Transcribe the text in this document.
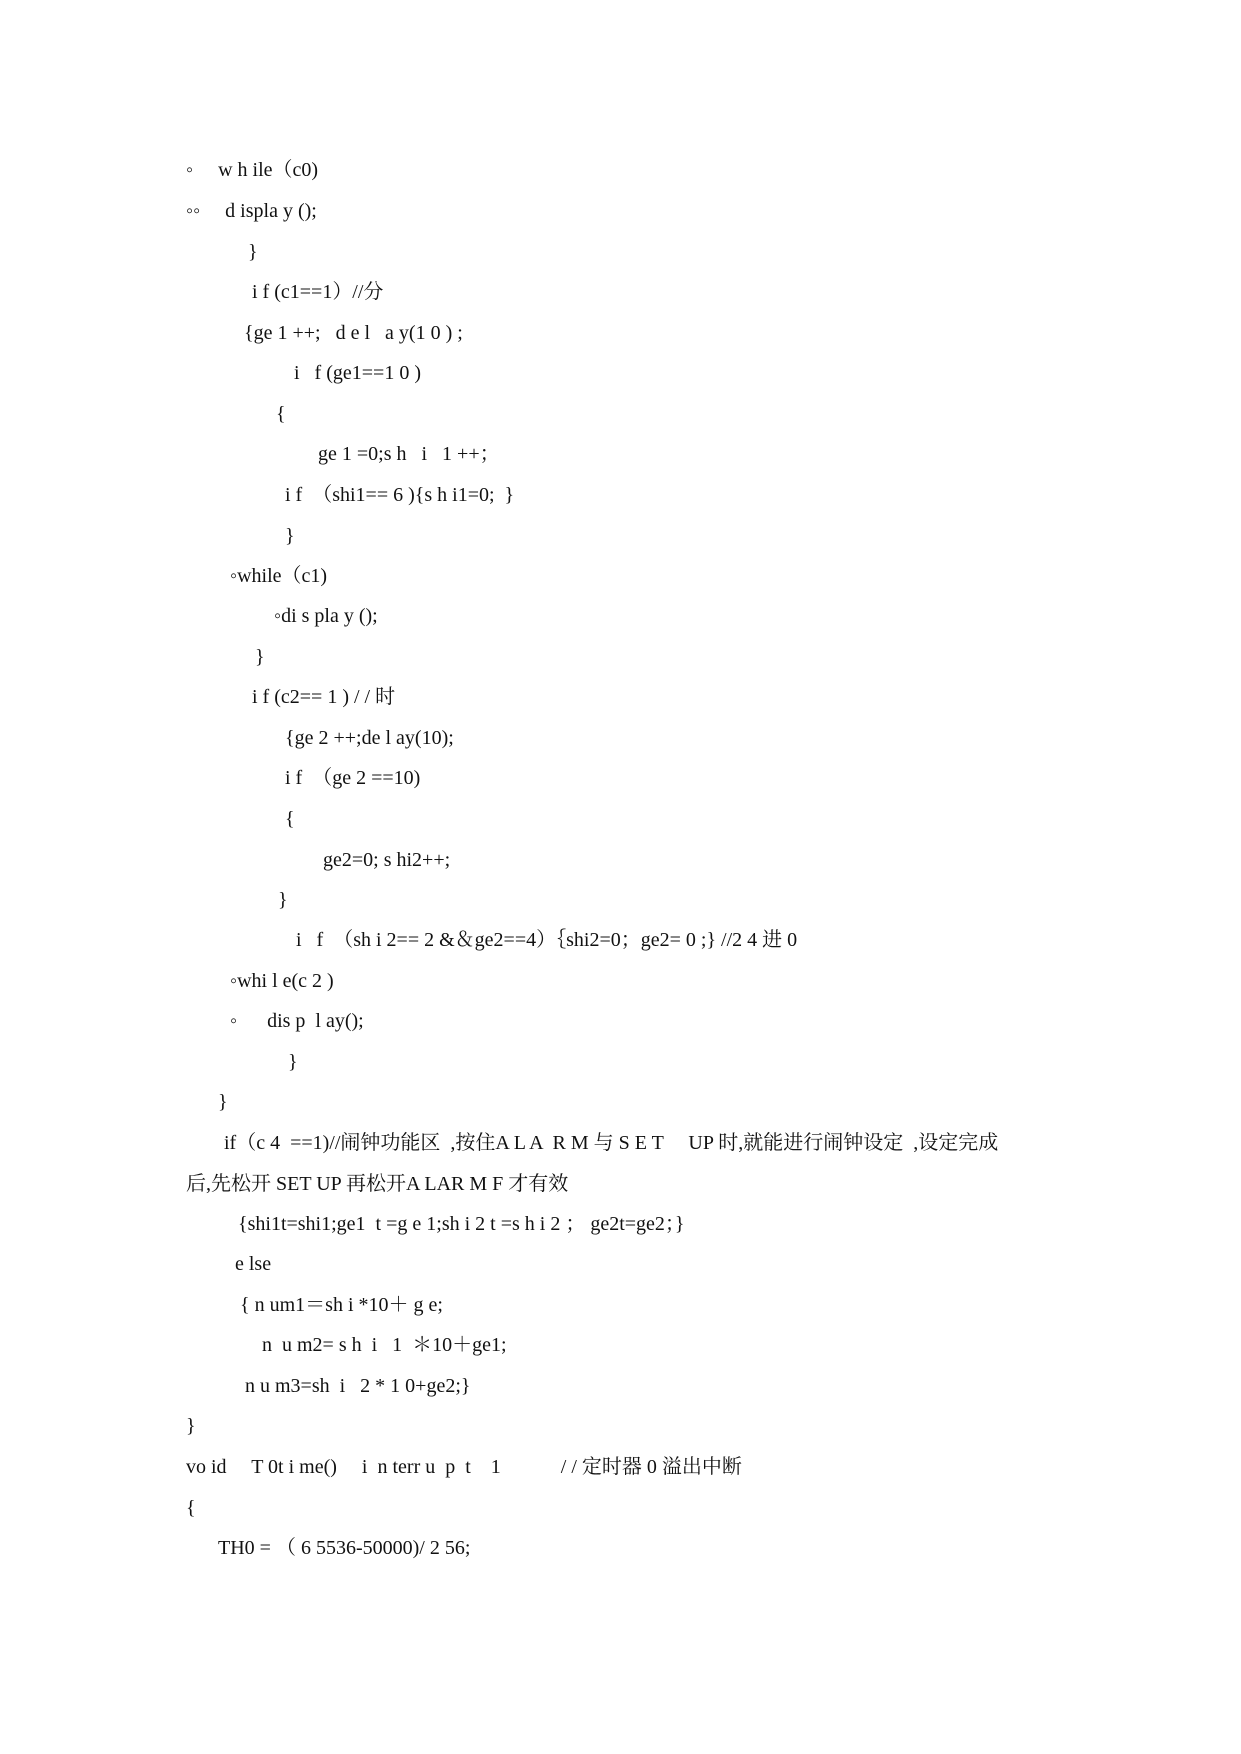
◦     w h ile（c0)
◦◦     d ispla y ();
}
i f (c1==1）//分
{ge 1 ++;   d e l   a y(1 0 ) ;
i   f (ge1==1 0 )
{
ge 1 =0;s h   i   1 ++；
i f  （shi1== 6 ){s h i1=0;  }
}
◦while（c1)
◦di s pla y ();
}
i f (c2== 1 ) / / 时
{ge 2 ++;de l ay(10);
i f  （ge 2 ==10)
{
ge2=0; s hi2++;
}
i   f  （sh i 2== 2 &＆ge2==4）｛shi2=0；ge2= 0 ;} //2 4 进 0
◦whi l e(c 2 )
◦      dis p  l ay();
}
}
if（c 4  ==1)//闹钟功能区  ,按住A L A  R M 与 S E T     UP 时,就能进行闹钟设定  ,设定完成
后,先松开 SET UP 再松开A LAR M F 才有效
{shi1t=shi1;ge1  t =g e 1;sh i 2 t =s h i 2 ； ge2t=ge2；}
e lse
{ n um1＝sh i *10＋ g e;
n  u m2= s h  i   1  ＊10＋ge1;
n u m3=sh  i   2 * 1 0+ge2;}
}
vo id     T 0t i me()     i  n terr u  p  t    1            / / 定时器 0 溢出中断
{
TH0 = （ 6 5536-50000)/ 2 56;
